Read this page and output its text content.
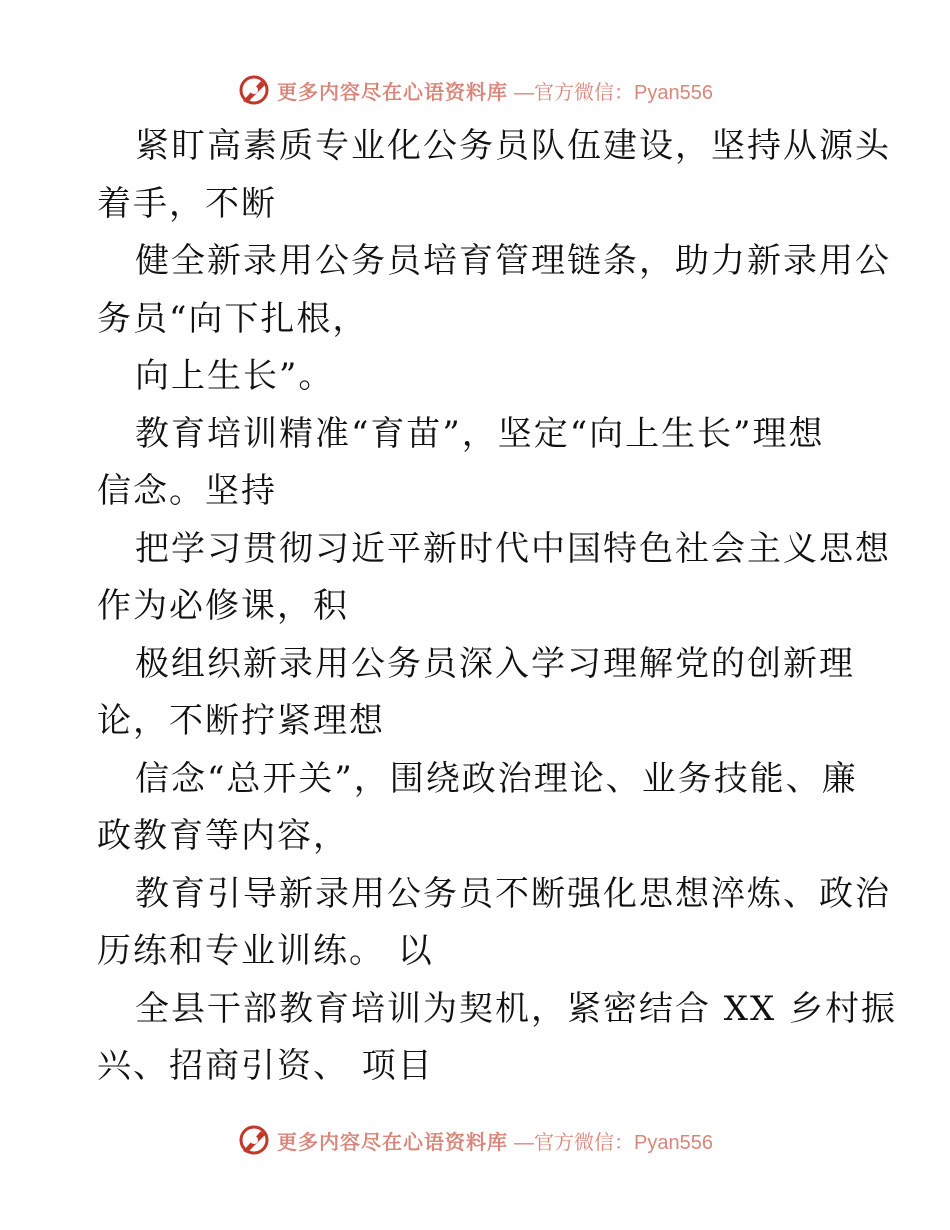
更多内容尽在心语资料库 —官方微信：Pyan556
紧盯高素质专业化公务员队伍建设，坚持从源头
着手，不断
健全新录用公务员培育管理链条，助力新录用公
务员“向下扎根，
向上生长”。
教育培训精准“育苗”，坚定“向上生长”理想
信念。坚持
把学习贯彻习近平新时代中国特色社会主义思想
作为必修课，积
极组织新录用公务员深入学习理解党的创新理
论，不断拧紧理想
信念“总开关”，围绕政治理论、业务技能、廉
政教育等内容，
教育引导新录用公务员不断强化思想淬炼、政治
历练和专业训练。 以
全县干部教育培训为契机，紧密结合 XX 乡村振
兴、招商引资、 项目
更多内容尽在心语资料库 —官方微信：Pyan556
